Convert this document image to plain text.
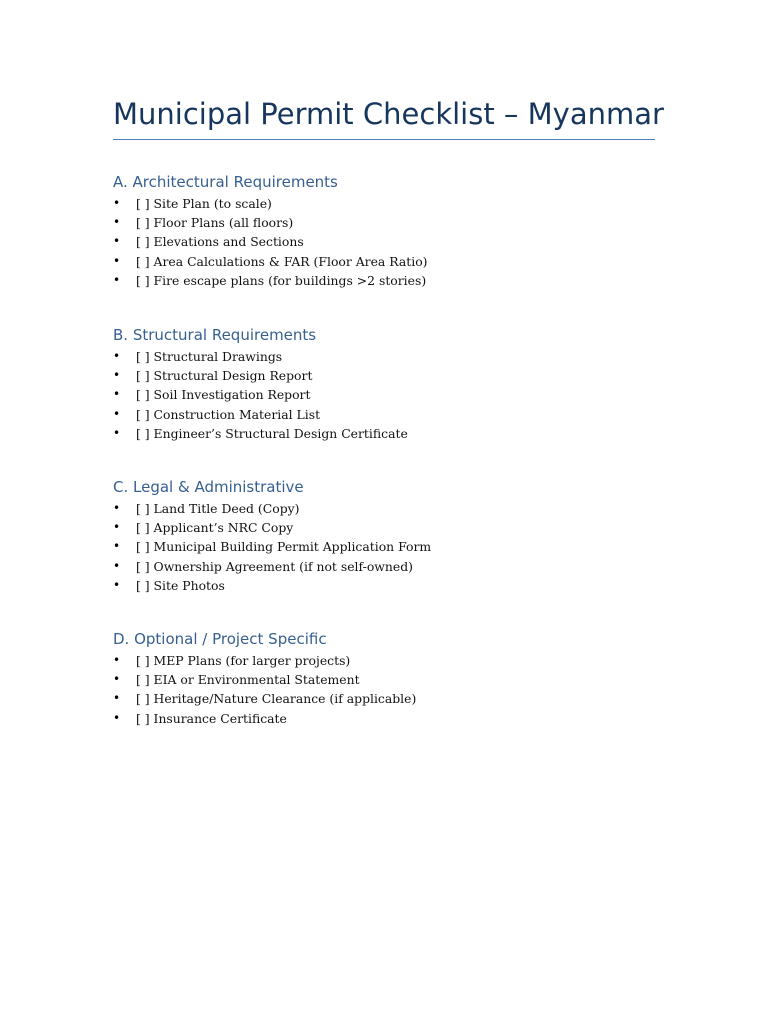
Municipal Permit Checklist – Myanmar
A. Architectural Requirements
• [ ] Site Plan (to scale)
• [ ] Floor Plans (all floors)
• [ ] Elevations and Sections
• [ ] Area Calculations & FAR (Floor Area Ratio)
• [ ] Fire escape plans (for buildings >2 stories)
B. Structural Requirements
• [ ] Structural Drawings
• [ ] Structural Design Report
• [ ] Soil Investigation Report
• [ ] Construction Material List
• [ ] Engineer’s Structural Design Certificate
C. Legal & Administrative
• [ ] Land Title Deed (Copy)
• [ ] Applicant’s NRC Copy
• [ ] Municipal Building Permit Application Form
• [ ] Ownership Agreement (if not self-owned)
• [ ] Site Photos
D. Optional / Project Specific
• [ ] MEP Plans (for larger projects)
• [ ] EIA or Environmental Statement
• [ ] Heritage/Nature Clearance (if applicable)
• [ ] Insurance Certificate
